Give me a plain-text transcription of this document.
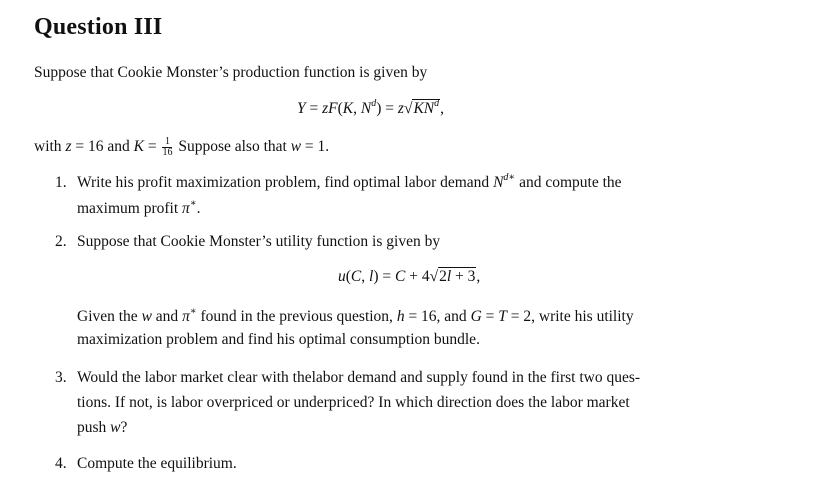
Question III
Suppose that Cookie Monster’s production function is given by
Y = zF(K, $N^d) = z√KN^d$,
with z = 16 and $K = \frac{1}{16}$ Suppose also that w = 1.
1. Write his profit maximization problem, find optimal labor demand $N^{d∗}$ and compute the
maximum profit π∗.
2. Suppose that Cookie Monster’s utility function is given by
u(C, l) = C + 4√2l + 3,
Given the w and π∗ found in the previous question, h = 16, and G = T = 2, write his utility
maximization problem and find his optimal consumption bundle.
3. Would the labor market clear with thelabor demand and supply found in the first two ques-
tions. If not, is labor overpriced or underpriced? In which direction does the labor market
push w?
4. Compute the equilibrium.
